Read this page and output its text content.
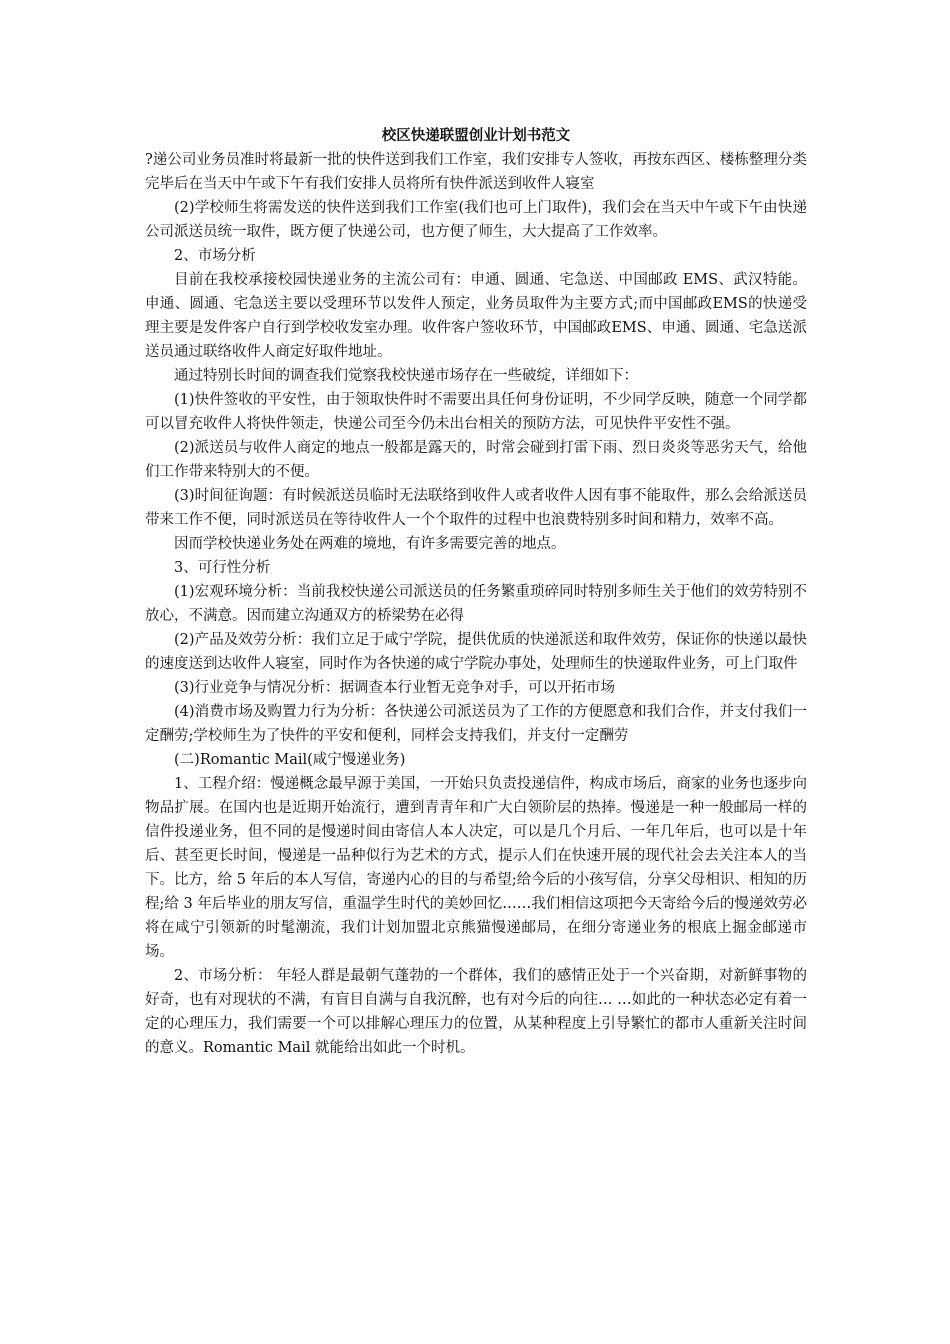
校区快递联盟创业计划书范文

?递公司业务员准时将最新一批的快件送到我们工作室，我们安排专人签收，再按东西区、楼栋整理分类完毕后在当天中午或下午有我们安排人员将所有快件派送到收件人寝室

(2)学校师生将需发送的快件送到我们工作室(我们也可上门取件)，我们会在当天中午或下午由快递公司派送员统一取件，既方便了快递公司，也方便了师生，大大提高了工作效率。

2、市场分析

目前在我校承接校园快递业务的主流公司有：申通、圆通、宅急送、中国邮政 EMS、武汉特能。申通、圆通、宅急送主要以受理环节以发件人预定，业务员取件为主要方式;而中国邮政EMS的快递受理主要是发件客户自行到学校收发室办理。收件客户签收环节，中国邮政EMS、申通、圆通、宅急送派送员通过联络收件人商定好取件地址。

通过特别长时间的调查我们觉察我校快递市场存在一些破绽，详细如下：

(1)快件签收的平安性，由于领取快件时不需要出具任何身份证明，不少同学反映，随意一个同学都可以冒充收件人将快件领走，快递公司至今仍未出台相关的预防方法，可见快件平安性不强。

(2)派送员与收件人商定的地点一般都是露天的，时常会碰到打雷下雨、烈日炎炎等恶劣天气，给他们工作带来特别大的不便。

(3)时间征询题：有时候派送员临时无法联络到收件人或者收件人因有事不能取件，那么会给派送员带来工作不便，同时派送员在等待收件人一个个取件的过程中也浪费特别多时间和精力，效率不高。

因而学校快递业务处在两难的境地，有许多需要完善的地点。

3、可行性分析

(1)宏观环境分析：当前我校快递公司派送员的任务繁重琐碎同时特别多师生关于他们的效劳特别不放心，不满意。因而建立沟通双方的桥梁势在必得

(2)产品及效劳分析：我们立足于咸宁学院，提供优质的快递派送和取件效劳，保证你的快递以最快的速度送到达收件人寝室，同时作为各快递的咸宁学院办事处，处理师生的快递取件业务，可上门取件

(3)行业竞争与情况分析：据调查本行业暂无竞争对手，可以开拓市场

(4)消费市场及购置力行为分析：各快递公司派送员为了工作的方便愿意和我们合作，并支付我们一定酬劳;学校师生为了快件的平安和便利，同样会支持我们，并支付一定酬劳

(二)Romantic Mail(咸宁慢递业务)

1、工程介绍：慢递概念最早源于美国，一开始只负责投递信件，构成市场后，商家的业务也逐步向物品扩展。在国内也是近期开始流行，遭到青青年和广大白领阶层的热捧。慢递是一种一般邮局一样的信件投递业务，但不同的是慢递时间由寄信人本人决定，可以是几个月后、一年几年后，也可以是十年后、甚至更长时间，慢递是一品种似行为艺术的方式，提示人们在快速开展的现代社会去关注本人的当下。比方，给 5 年后的本人写信，寄递内心的目的与希望;给今后的小孩写信，分享父母相识、相知的历程;给 3 年后毕业的朋友写信，重温学生时代的美妙回忆……我们相信这项把今天寄给今后的慢递效劳必将在咸宁引领新的时髦潮流，我们计划加盟北京熊猫慢递邮局，在细分寄递业务的根底上掘金邮递市场。

2、市场分析： 年轻人群是最朝气蓬勃的一个群体，我们的感情正处于一个兴奋期，对新鲜事物的好奇，也有对现状的不满，有盲目自满与自我沉醉，也有对今后的向往… …如此的一种状态必定有着一定的心理压力，我们需要一个可以排解心理压力的位置，从某种程度上引导繁忙的都市人重新关注时间的意义。Romantic Mail 就能给出如此一个时机。
